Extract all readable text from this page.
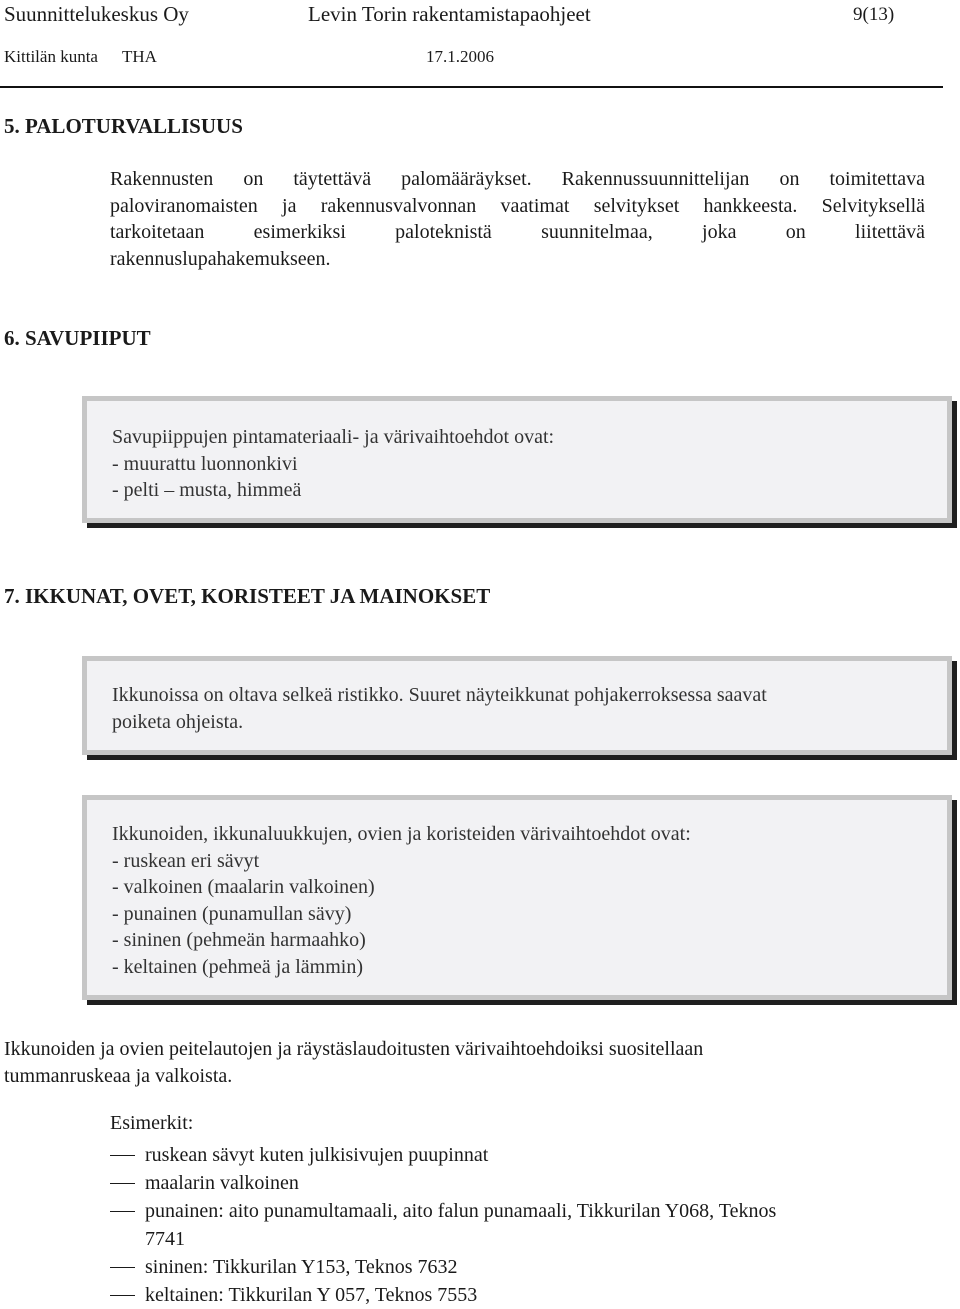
Suunnittelukeskus Oy	Levin Torin rakentamistapaohjeet	9(13)
Kittilän kunta THA	17.1.2006
5. PALOTURVALLISUUS
Rakennusten on täytettävä palomääräykset. Rakennussuunnittelijan on toimitettava
paloviranomaisten ja rakennusvalvonnan vaatimat selvitykset hankkeesta. Selvityksellä
tarkoitetaan esimerkiksi paloteknistä suunnitelmaa, joka on liitettävä
rakennuslupahakemukseen.
6. SAVUPIIPUT
Savupiippujen pintamateriaali- ja värivaihtoehdot ovat:
- muurattu luonnonkivi
- pelti – musta, himmeä
7. IKKUNAT, OVET, KORISTEET JA MAINOKSET
Ikkunoissa on oltava selkeä ristikko. Suuret näyteikkunat pohjakerroksessa saavat
poiketa ohjeista.
Ikkunoiden, ikkunaluukkujen, ovien ja koristeiden värivaihtoehdot ovat:
- ruskean eri sävyt
- valkoinen (maalarin valkoinen)
- punainen (punamullan sävy)
- sininen (pehmeän harmaahko)
- keltainen (pehmeä ja lämmin)
Ikkunoiden ja ovien peitelautojen ja räystäslaudoitusten värivaihtoehdoiksi suositellaan
tummanruskeaa ja valkoista.
Esimerkit:
ruskean sävyt kuten julkisivujen puupinnat
maalarin valkoinen
punainen: aito punamultamaali, aito falun punamaali, Tikkurilan Y068, Teknos
7741
sininen: Tikkurilan Y153, Teknos 7632
keltainen: Tikkurilan Y 057, Teknos 7553
